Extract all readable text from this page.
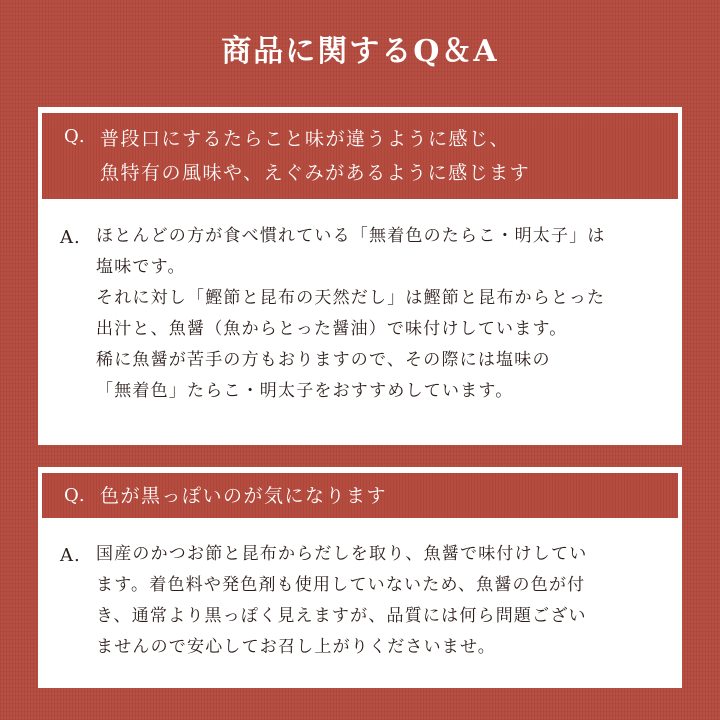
商品に関するQ＆A
Q. 普段口にするたらこと味が違うように感じ、
魚特有の風味や、えぐみがあるように感じます
A. ほとんどの方が食べ慣れている「無着色のたらこ・明太子」は
塩味です。
それに対し「鰹節と昆布の天然だし」は鰹節と昆布からとった
出汁と、魚醤（魚からとった醤油）で味付けしています。
稀に魚醤が苦手の方もおりますので、その際には塩味の
「無着色」たらこ・明太子をおすすめしています。
Q. 色が黒っぽいのが気になります
A. 国産のかつお節と昆布からだしを取り、魚醤で味付けしてい
ます。着色料や発色剤も使用していないため、魚醤の色が付
き、通常より黒っぽく見えますが、品質には何ら問題ござい
ませんので安心してお召し上がりくださいませ。
